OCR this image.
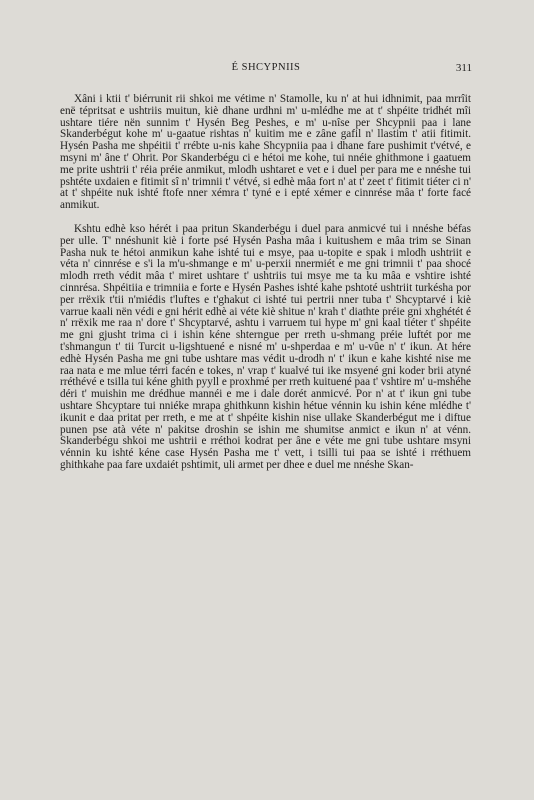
É SHCYPNIIS	311

Xâni i ktii t' biérrunit rii shkoi me vétime n' Stamolle, ku n' at hui idhnimit, paa mrrîit enë tépritsat e ushtriis muitun, kiè dhane urdhni m' u-mlédhe me at t' shpéite tridhét mîi ushtare tiére nën sunnim t' Hysén Beg Peshes, e m' u-nîse per Shcypnii paa i lane Skanderbégut kohe m' u-gaatue rishtas n' kuitim me e zâne gafil n' llastim t' atii fitimit. Hysén Pasha me shpéitii t' rrébte u-nis kahe Shcypniia paa i dhane fare pushimit t'vétvé, e msyni m' âne t' Ohrit. Por Skanderbégu ci e hétoi me kohe, tui nnéie ghithmone i gaatuem me prite ushtrii t' réia préie anmikut, mlodh ushtaret e vet e i duel per para me e nnéshe tui pshtéte uxdaien e fitimit sî n' trimnii t' vétvé, si edhè mâa fort n' at t' zeet t' fitimit tiéter ci n' at t' shpéite nuk ishté ftofe nner xémra t' tyné e i epté xémer e cinnrése mâa t' forte facé anmikut.

Kshtu edhè kso hérét i paa pritun Skanderbégu i duel para anmicvé tui i nnéshe béfas per ulle. T' nnéshunit kiè i forte psé Hysén Pasha mâa i kuitushem e mâa trim se Sinan Pasha nuk te hétoi anmikun kahe ishté tui e msye, paa u-topite e spak i mlodh ushtriit e véta n' cinnrése e s'i la m'u-shmange e m' u-perxii nnermiét e me gni trimnii t' paa shocé mlodh rreth védit mâa t' miret ushtare t' ushtriis tui msye me ta ku mâa e vshtire ishté cinnrésa. Shpéitiia e trimniia e forte e Hysén Pashes ishté kahe pshtoté ushtriit turkésha por per rrëxik t'tii n'miédis t'luftes e t'ghakut ci ishté tui pertrii nner tuba t' Shcyptarvé i kiè varrue kaali nën védi e gni hérit edhè ai véte kiè shitue n' krah t' diathte préie gni xhghétét é n' rrëxik me raa n' dore t' Shcyptarvé, ashtu i varruem tui hype m' gni kaal tiéter t' shpéite me gni gjusht trima ci i ishin kéne shterngue per rreth u-shmang préie luftét por me t'shmangun t' tii Turcit u-ligshtuené e nisné m' u-shperdaa e m' u-vûe n' t' ikun. At hére edhè Hysén Pasha me gni tube ushtare mas védit u-drodh n' t' ikun e kahe kishté nise me raa nata e me mlue térri facén e tokes, n' vrap t' kualvé tui ike msyené gni koder brii atyné rréthévé e tsilla tui kéne ghith pyyll e proxhmé per rreth kuituené paa t' vshtire m' u-mshéhe déri t' muishin me drédhue mannéi e me i dale dorét anmicvé. Por n' at t' ikun gni tube ushtare Shcyptare tui nniéke mrapa ghithkunn kishin hétue vénnin ku ishin kéne mlédhe t' ikunit e daa pritat per rreth, e me at t' shpéite kishin nise ullake Skanderbégut me i diftue punen pse atà véte n' pakitse droshin se ishin me shumitse anmict e ikun n' at vénn. Skanderbégu shkoi me ushtrii e rréthoi kodrat per âne e véte me gni tube ushtare msyni vénnin ku ishté kéne case Hysén Pasha me t' vett, i tsilli tui paa se ishté i rréthuem ghithkahe paa fare uxdaiét pshtimit, uli armet per dhee e duel me nnéshe Skan-
